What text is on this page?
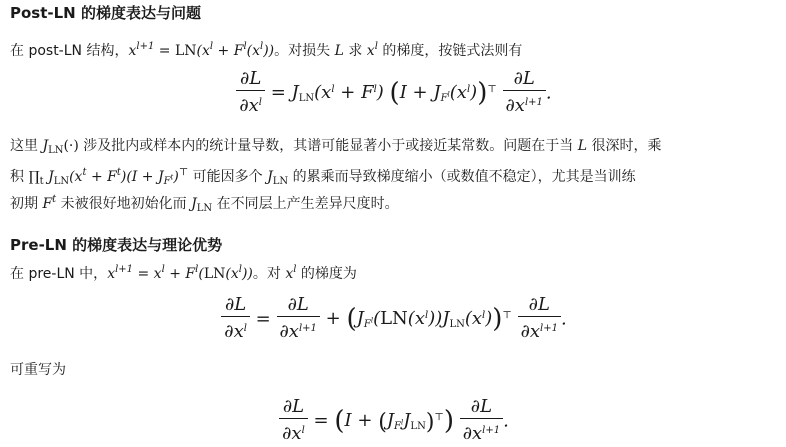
Post-LN 的梯度表达与问题
在 post-LN 结构，$x^{l+1} = LN(x^l + F^l(x^l))$。对损失 L 求 $x^l$ 的梯度，按链式法则有
$\frac{\partial L}{\partial x^l} = J_{LN}(x^l + F^l) (I + J_{F^l}(x^l))^⊤ \frac{\partial L}{\partial x^{l+1}}$ .
这里 $J_{LN}(\cdot)$ 涉及批内或样本内的统计量导数，其谱可能显著小于或接近某常数。问题在于当 L 很深时，乘
积 $\prod_t$ $J_{LN}(x^t + F^t)(I + J_{F^t})^⊤$ 可能因多个 $J_{LN}$ 的累乘而导致梯度缩小（或数值不稳定），尤其是当训练
初期 $F^t$ 未被很好地初始化而 $J_{LN}$ 在不同层上产生差异尺度时。
Pre-LN 的梯度表达与理论优势
在 pre-LN 中，$x^{l+1} = x^l + F^l(LN(x^l))$。对 $x^l$ 的梯度为
$\frac{\partial L}{\partial x^l} = \frac{\partial L}{\partial x^{l+1}} + (J_{F^l}(LN(x^l))J_{LN}(x^l))^⊤ \frac{\partial L}{\partial x^{l+1}}$ .
可重写为
$\frac{\partial L}{\partial x^l} = (I + (J_{F^l}J_{LN})^⊤) \frac{\partial L}{\partial x^{l+1}}$ .
